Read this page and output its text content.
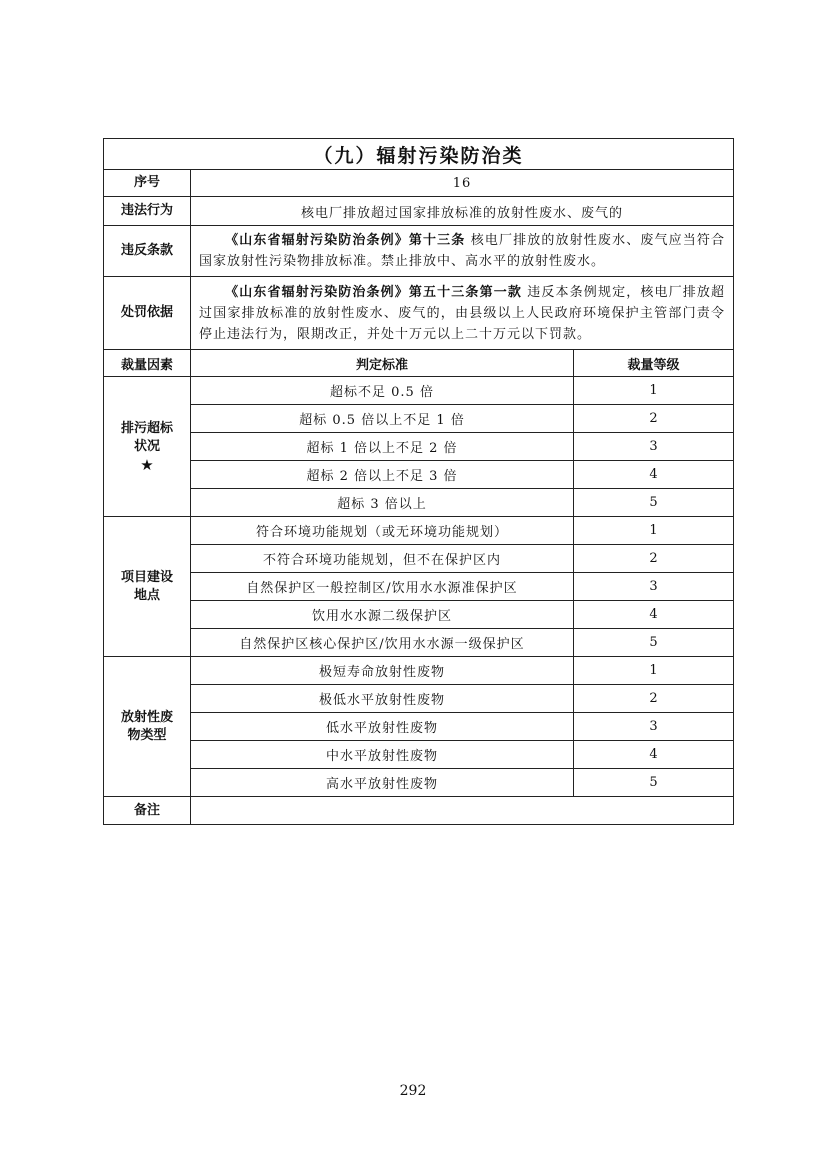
（九）辐射污染防治类		
序号	16	
违法行为	核电厂排放超过国家排放标准的放射性废水、废气的	
违反条款	《山东省辐射污染防治条例》第十三条 核电厂排放的放射性废水、废气应当符合国家放射性污染物排放标准。禁止排放中、高水平的放射性废水。	
处罚依据	《山东省辐射污染防治条例》第五十三条第一款 违反本条例规定，核电厂排放超过国家排放标准的放射性废水、废气的，由县级以上人民政府环境保护主管部门责令停止违法行为，限期改正，并处十万元以上二十万元以下罚款。	
裁量因素	判定标准	裁量等级

排污超标
状况
★	超标不足 0.5 倍	1
	超标 0.5 倍以上不足 1 倍	2
	超标 1 倍以上不足 2 倍	3
	超标 2 倍以上不足 3 倍	4
	超标 3 倍以上	5

项目建设
地点	符合环境功能规划（或无环境功能规划）	1
	不符合环境功能规划，但不在保护区内	2
	自然保护区一般控制区/饮用水水源准保护区	3
	饮用水水源二级保护区	4
	自然保护区核心保护区/饮用水水源一级保护区	5

放射性废
物类型	极短寿命放射性废物	1
	极低水平放射性废物	2
	低水平放射性废物	3
	中水平放射性废物	4
	高水平放射性废物	5
备注		
292
